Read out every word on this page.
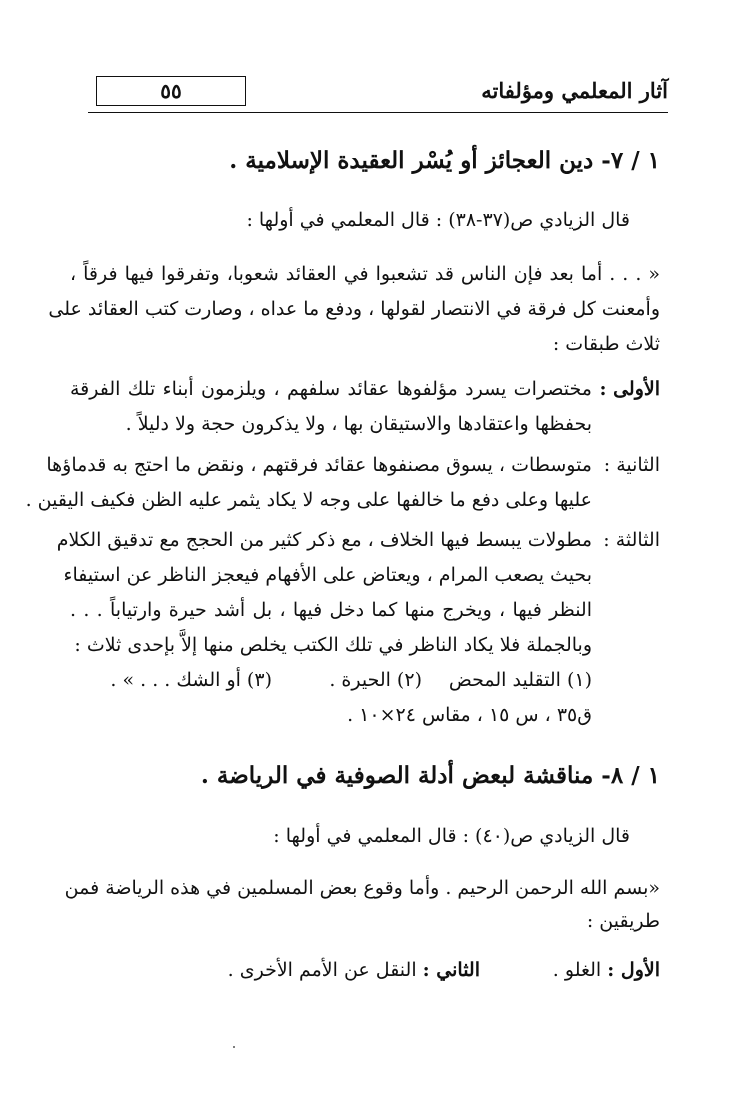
آثار المعلمي ومؤلفاته
٥٥
١ / ٧- دين العجائز أو يُسْر العقيدة الإسلامية .
قال الزيادي ص(٣٧-٣٨) : قال المعلمي في أولها :
« . . . أما بعد فإن الناس قد تشعبوا في العقائد شعوبا، وتفرقوا فيها فرقاً ،
وأمعنت كل فرقة في الانتصار لقولها ، ودفع ما عداه ، وصارت كتب العقائد على
ثلاث طبقات :
الأولى :
مختصرات يسرد مؤلفوها عقائد سلفهم ، ويلزمون أبناء تلك الفرقة
بحفظها واعتقادها والاستيقان بها ، ولا يذكرون حجة ولا دليلاً .
الثانية :
متوسطات ، يسوق مصنفوها عقائد فرقتهم ، ونقض ما احتج به قدماؤها
عليها وعلى دفع ما خالفها على وجه لا يكاد يثمر عليه الظن فكيف اليقين .
الثالثة :
مطولات يبسط فيها الخلاف ، مع ذكر كثير من الحجج مع تدقيق الكلام
بحيث يصعب المرام ، ويعتاض على الأفهام فيعجز الناظر عن استيفاء
النظر فيها ، ويخرج منها كما دخل فيها ، بل أشد حيرة وارتياباً . . .
وبالجملة فلا يكاد الناظر في تلك الكتب يخلص منها إلاَّ بإحدى ثلاث :
(١) التقليد المحض
(٢) الحيرة .
(٣) أو الشك . . . » .
ق٣٥ ، س ١٥ ، مقاس ٢٤×١٠ .
١ / ٨- مناقشة لبعض أدلة الصوفية في الرياضة .
قال الزيادي ص(٤٠) : قال المعلمي في أولها :
«بسم الله الرحمن الرحيم . وأما وقوع بعض المسلمين في هذه الرياضة فمن
طريقين :
الأول : الغلو .
الثاني : النقل عن الأمم الأخرى .
